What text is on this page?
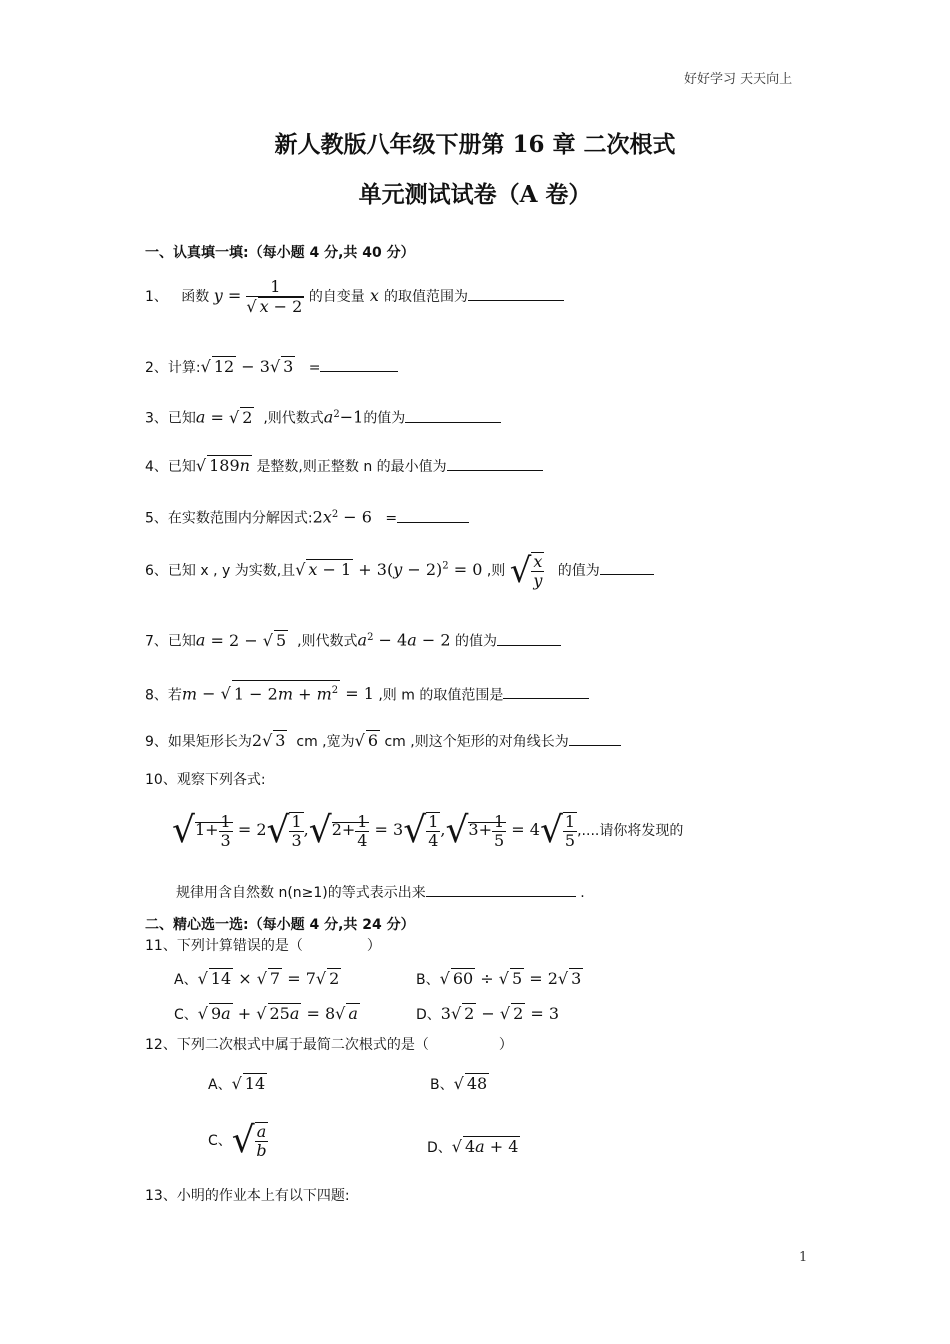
好好学习 天天向上
新人教版八年级下册第 16 章 二次根式
单元测试试卷（A 卷）
一、认真填一填:（每小题 4 分,共 40 分）
1、 函数 $y = \frac{1}{√ x - 2}$ 的自变量 x 的取值范围为
2、计算:√ 12 − 3√ 3 =
3、已知a = √ 2 ,则代数式$a^2-1$的值为
4、已知√ 189n 是整数,则正整数 n 的最小值为
5、在实数范围内分解因式$:2x^2 - 6$ =
6、已知 x , y 为实数,且√ $x - 1 + 3(y - 2)^2 = 0$ ,则 √ $\frac{x}{y}$ 的值为
7、已知a = 2 − √ 5 ,则代数式$a^2 - 4a - 2$ 的值为
8、若m − √ $1 - 2m + m^2 = 1$ ,则 m 的取值范围是
9、如果矩形长为2√ 3 cm ,宽为√ 6 cm ,则这个矩形的对角线长为
10、观察下列各式:
$√1+ \frac{1}{3} = 2√ \frac{1}{3} ,√2+ \frac{1}{4} = 3√ \frac{1}{4} ,√3+ \frac{1}{5} = 4√ \frac{1}{5}$ ,....请你将发现的
规律用含自然数 n(n≥1)的等式表示出来	.
二、精心选一选:（每小题 4 分,共 24 分）
11、下列计算错误的是（	）
A、√ 14 × √ 7 = 7√ 2	B、√ 60 ÷ √ 5 = 2√ 3
C、√ 9a + √ 25a = 8√ a	D、3√ 2 − √ 2 = 3
12、下列二次根式中属于最简二次根式的是（	）
A、√ 14	B、√ 48
C、√ $\frac{a}{b}$	D、√ 4a + 4
13、小明的作业本上有以下四题:
1
